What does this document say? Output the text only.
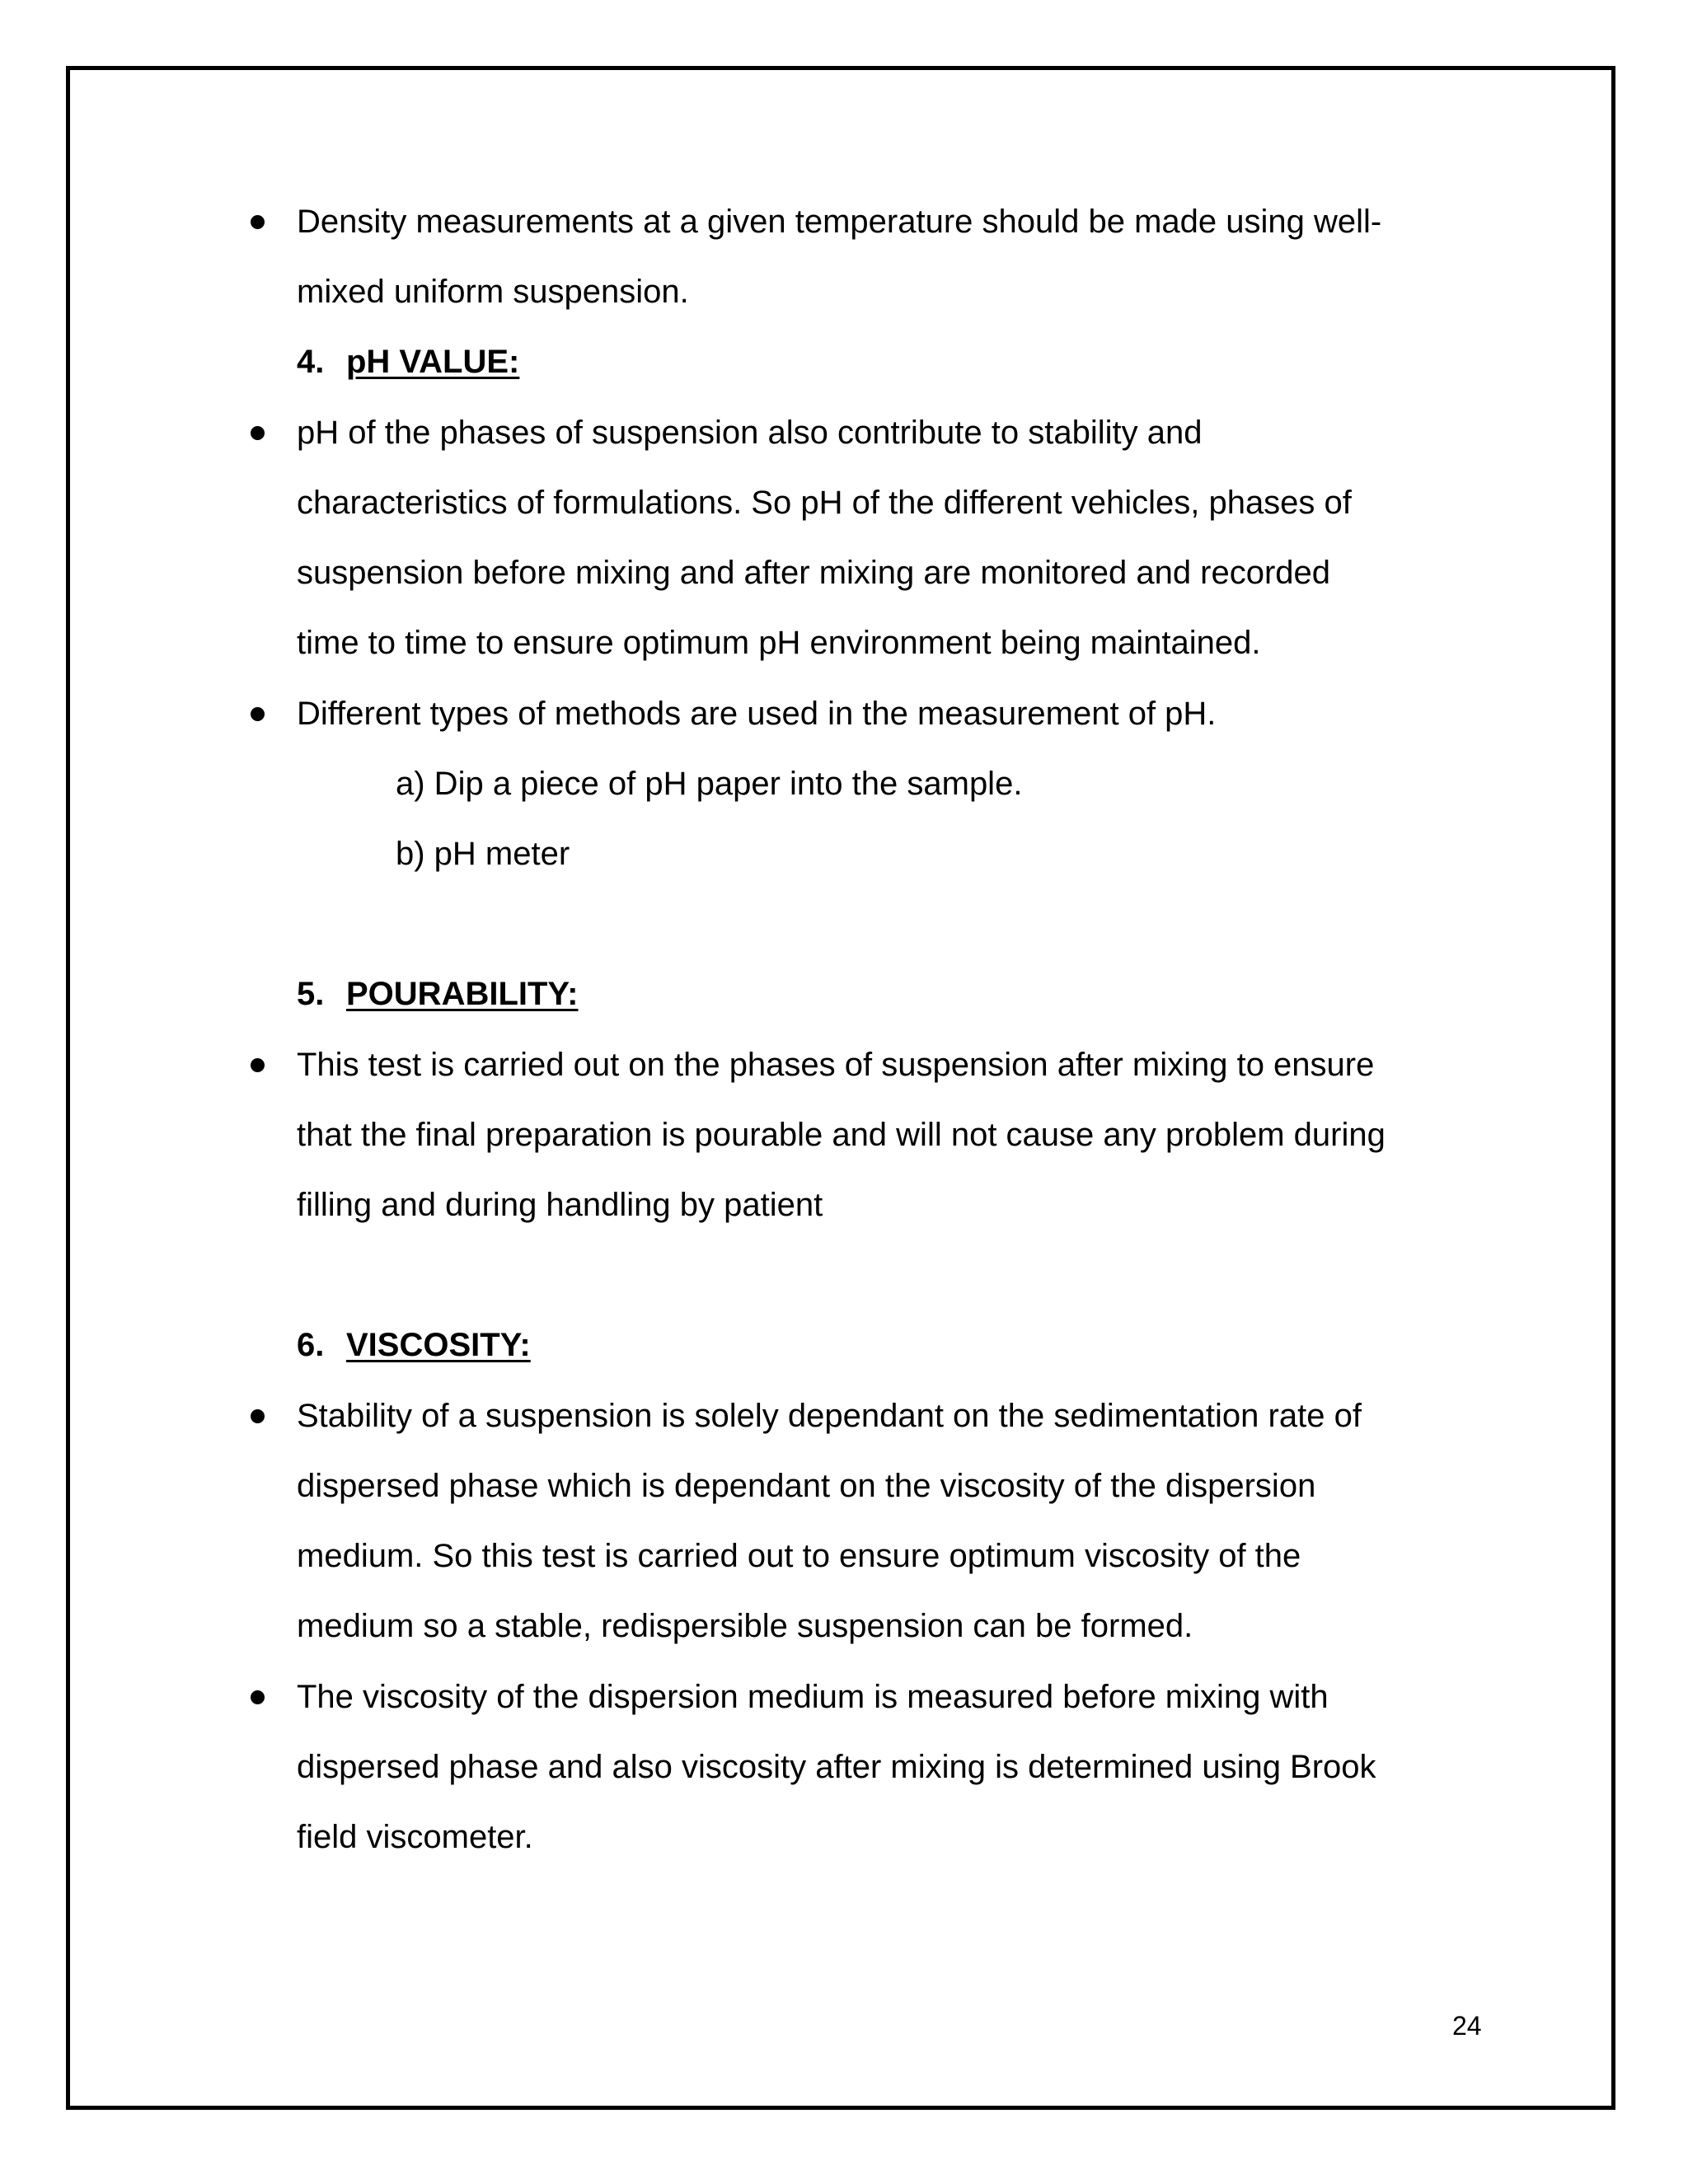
Density measurements at a given temperature should be made using well-
mixed uniform suspension.
4. pH VALUE:
pH of the phases of suspension also contribute to stability and
characteristics of formulations. So pH of the different vehicles, phases of
suspension before mixing and after mixing are monitored and recorded
time to time to ensure optimum pH environment being maintained.
Different types of methods are used in the measurement of pH.
a) Dip a piece of pH paper into the sample.
b) pH meter
5. POURABILITY:
This test is carried out on the phases of suspension after mixing to ensure
that the final preparation is pourable and will not cause any problem during
filling and during handling by patient
6. VISCOSITY:
Stability of a suspension is solely dependant on the sedimentation rate of
dispersed phase which is dependant on the viscosity of the dispersion
medium. So this test is carried out to ensure optimum viscosity of the
medium so a stable, redispersible suspension can be formed.
The viscosity of the dispersion medium is measured before mixing with
dispersed phase and also viscosity after mixing is determined using Brook
field viscometer.
24
